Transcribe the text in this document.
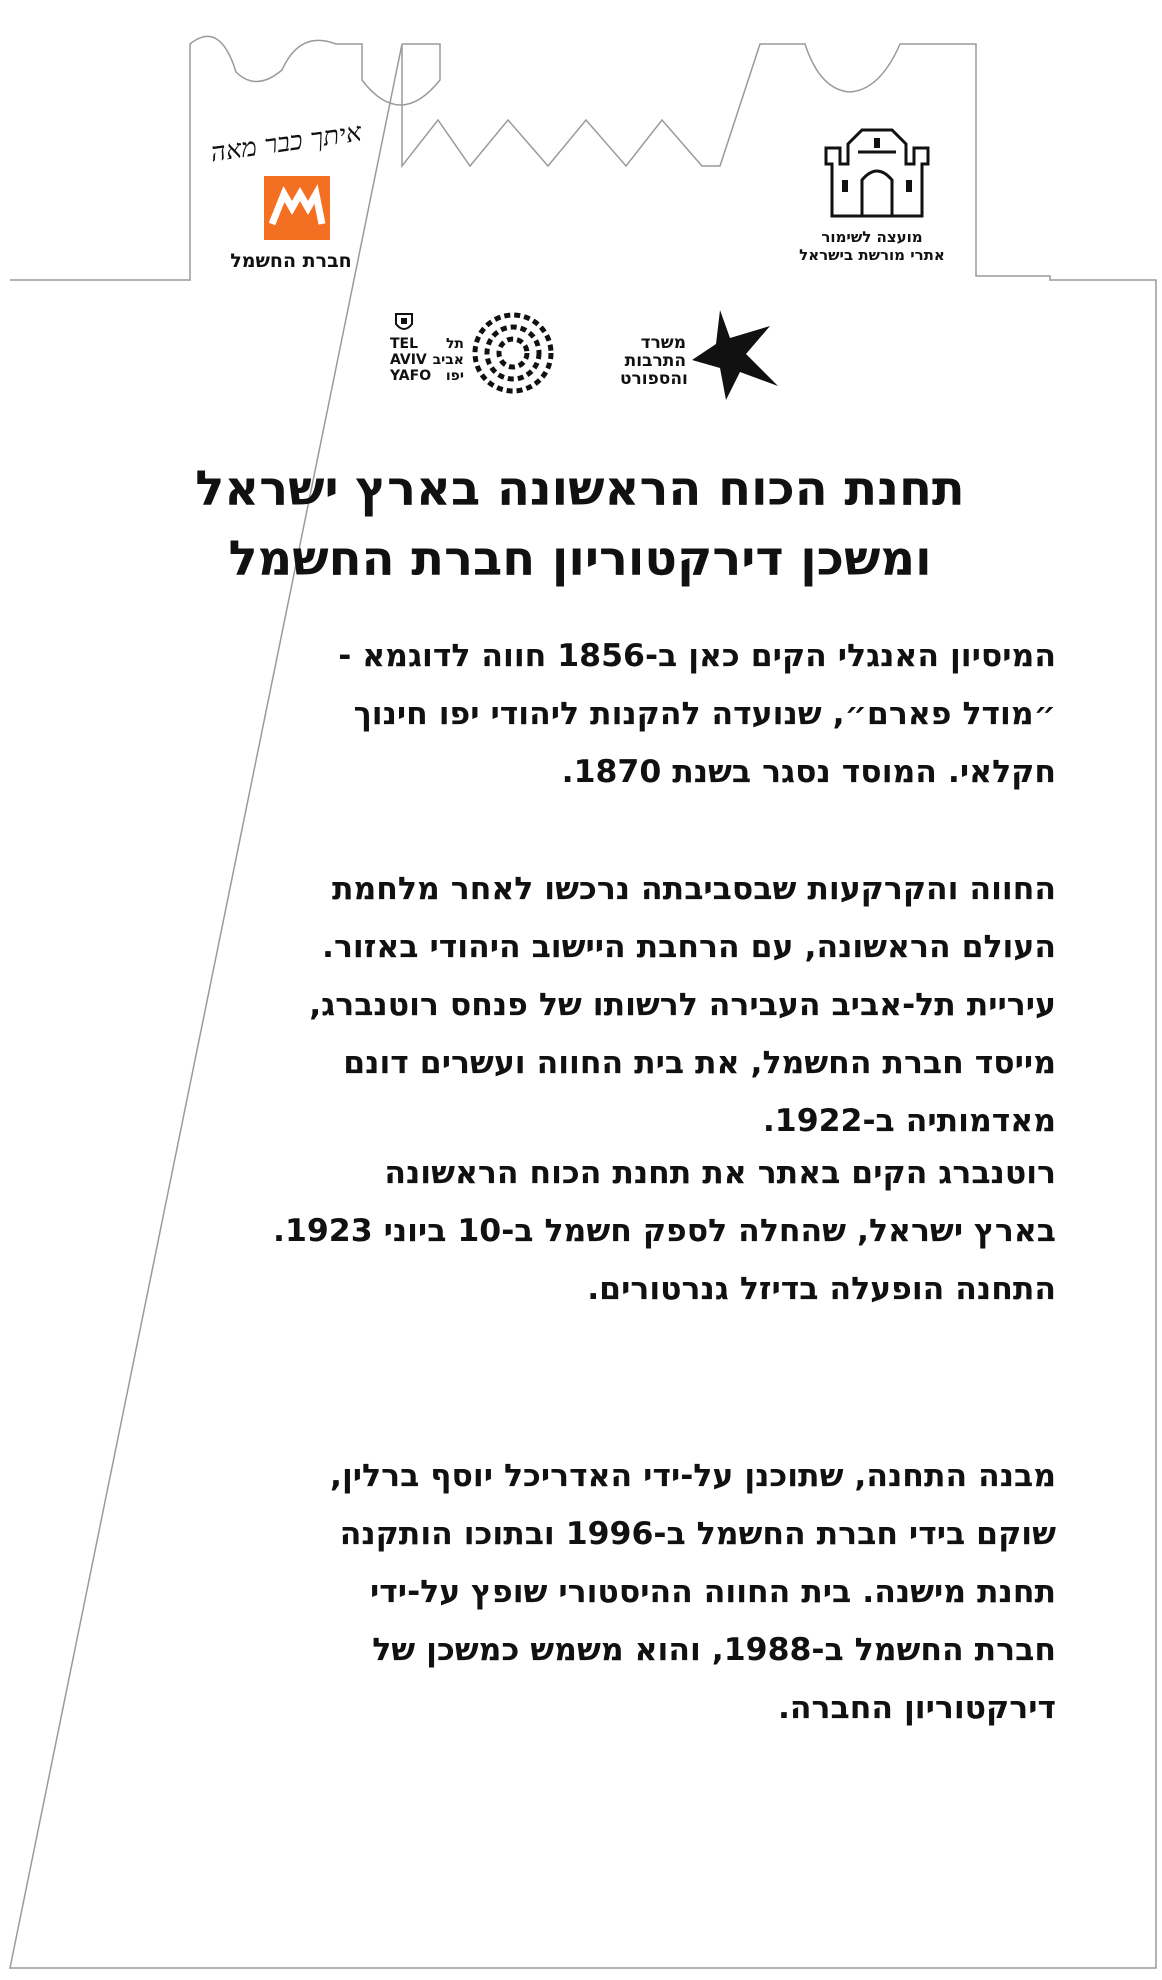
איתך כבר מאה
חברת החשמל
מועצה לשימור
אתרי מורשת בישראל
TEL
AVIV
YAFO
תל
אביב
יפו
משרד
התרבות
והספורט
תחנת הכוח הראשונה בארץ ישראל
ומשכן דירקטוריון חברת החשמל

המיסיון האנגלי הקים כאן ב-1856 חווה לדוגמא -
״מודל פארם״, שנועדה להקנות ליהודי יפו חינוך
חקלאי. המוסד נסגר בשנת 1870.

החווה והקרקעות שבסביבתה נרכשו לאחר מלחמת
העולם הראשונה, עם הרחבת היישוב היהודי באזור.
עיריית תל-אביב העבירה לרשותו של פנחס רוטנברג,
מייסד חברת החשמל, את בית החווה ועשרים דונם
מאדמותיה ב-1922.

רוטנברג הקים באתר את תחנת הכוח הראשונה
בארץ ישראל, שהחלה לספק חשמל ב-10 ביוני 1923.
התחנה הופעלה בדיזל גנרטורים.

מבנה התחנה, שתוכנן על-ידי האדריכל יוסף ברלין,
שוקם בידי חברת החשמל ב-1996 ובתוכו הותקנה
תחנת מישנה. בית החווה ההיסטורי שופץ על-ידי
חברת החשמל ב-1988, והוא משמש כמשכן של
דירקטוריון החברה.
